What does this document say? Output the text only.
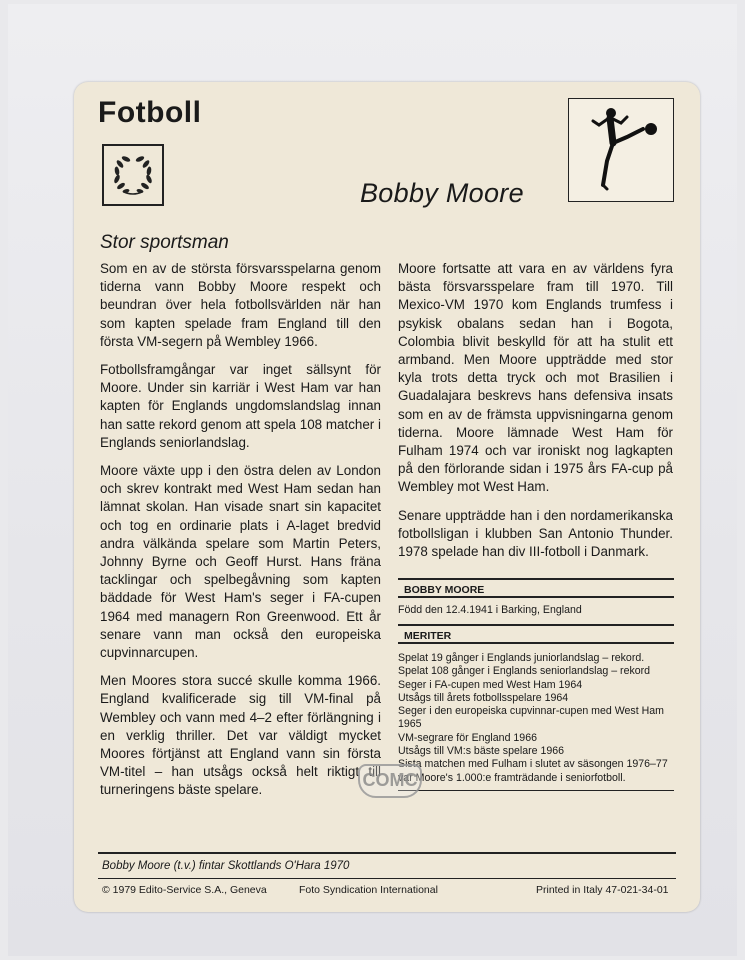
Fotboll
Bobby Moore
Stor sportsman

Som en av de största försvarsspelarna genom tiderna vann Bobby Moore respekt och beundran över hela fotbollsvärlden när han som kapten spelade fram England till den första VM-segern på Wembley 1966.

Fotbollsframgångar var inget sällsynt för Moore. Under sin karriär i West Ham var han kapten för Englands ungdomslandslag innan han satte rekord genom att spela 108 matcher i Englands seniorlandslag.

Moore växte upp i den östra delen av London och skrev kontrakt med West Ham sedan han lämnat skolan. Han visade snart sin kapacitet och tog en ordinarie plats i A-laget bredvid andra välkända spelare som Martin Peters, Johnny Byrne och Geoff Hurst. Hans fräna tacklingar och spelbegåvning som kapten bäddade för West Ham's seger i FA-cupen 1964 med managern Ron Greenwood. Ett år senare vann man också den europeiska cupvinnarcupen.

Men Moores stora succé skulle komma 1966. England kvalificerade sig till VM-final på Wembley och vann med 4–2 efter förlängning i en verklig thriller. Det var väldigt mycket Moores förtjänst att England vann sin första VM-titel – han utsågs också helt riktigt till turneringens bäste spelare.

Moore fortsatte att vara en av världens fyra bästa försvarsspelare fram till 1970. Till Mexico-VM 1970 kom Englands trumfess i psykisk obalans sedan han i Bogota, Colombia blivit beskylld för att ha stulit ett armband. Men Moore uppträdde med stor kyla trots detta tryck och mot Brasilien i Guadalajara beskrevs hans defensiva insats som en av de främsta uppvisningarna genom tiderna. Moore lämnade West Ham för Fulham 1974 och var ironiskt nog lagkapten på den förlorande sidan i 1975 års FA-cup på Wembley mot West Ham.

Senare uppträdde han i den nordamerikanska fotbollsligan i klubben San Antonio Thunder. 1978 spelade han div III-fotboll i Danmark.

BOBBY MOORE
Född den 12.4.1941 i Barking, England
MERITER
Spelat 19 gånger i Englands juniorlandslag – rekord.
Spelat 108 gånger i Englands seniorlandslag – rekord
Seger i FA-cupen med West Ham 1964
Utsågs till årets fotbollsspelare 1964
Seger i den europeiska cupvinnar-cupen med West Ham
1965
VM-segrare för England 1966
Utsågs till VM:s bäste spelare 1966
Sista matchen med Fulham i slutet av säsongen 1976–77
var Moore's 1.000:e framträdande i seniorfotboll.
COMC
Bobby Moore (t.v.) fintar Skottlands O'Hara 1970
© 1979 Edito-Service S.A., Geneva	Foto Syndication International	Printed in Italy 47-021-34-01
